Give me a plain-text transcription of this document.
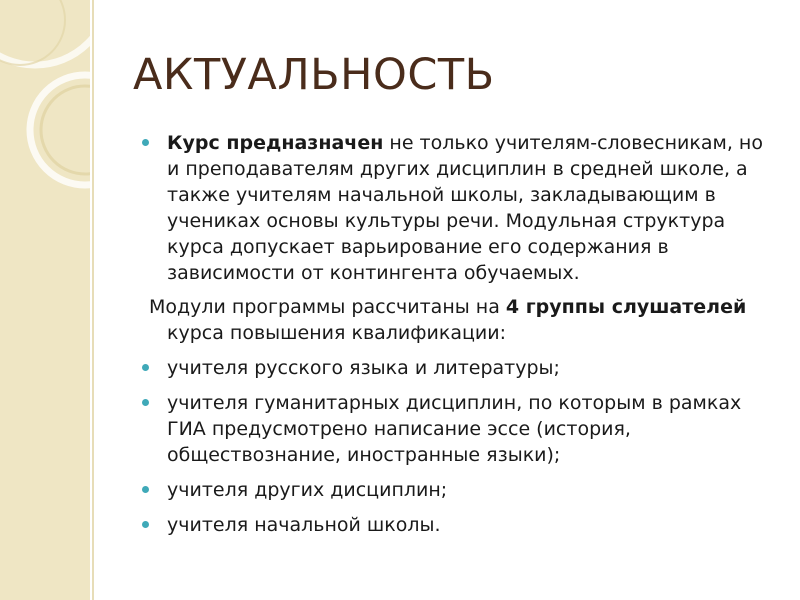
АКТУАЛЬНОСТЬ

Курс предназначен не только учителям-словесникам, но и преподавателям других дисциплин в средней школе, а также учителям начальной школы, закладывающим в учениках основы культуры речи. Модульная структура курса допускает варьирование его содержания в зависимости от контингента обучаемых.

Модули программы рассчитаны на 4 группы слушателей курса повышения квалификации:

учителя русского языка и литературы;

учителя гуманитарных дисциплин, по которым в рамках ГИА предусмотрено написание эссе (история, обществознание, иностранные языки);

учителя других дисциплин;

учителя начальной школы.
